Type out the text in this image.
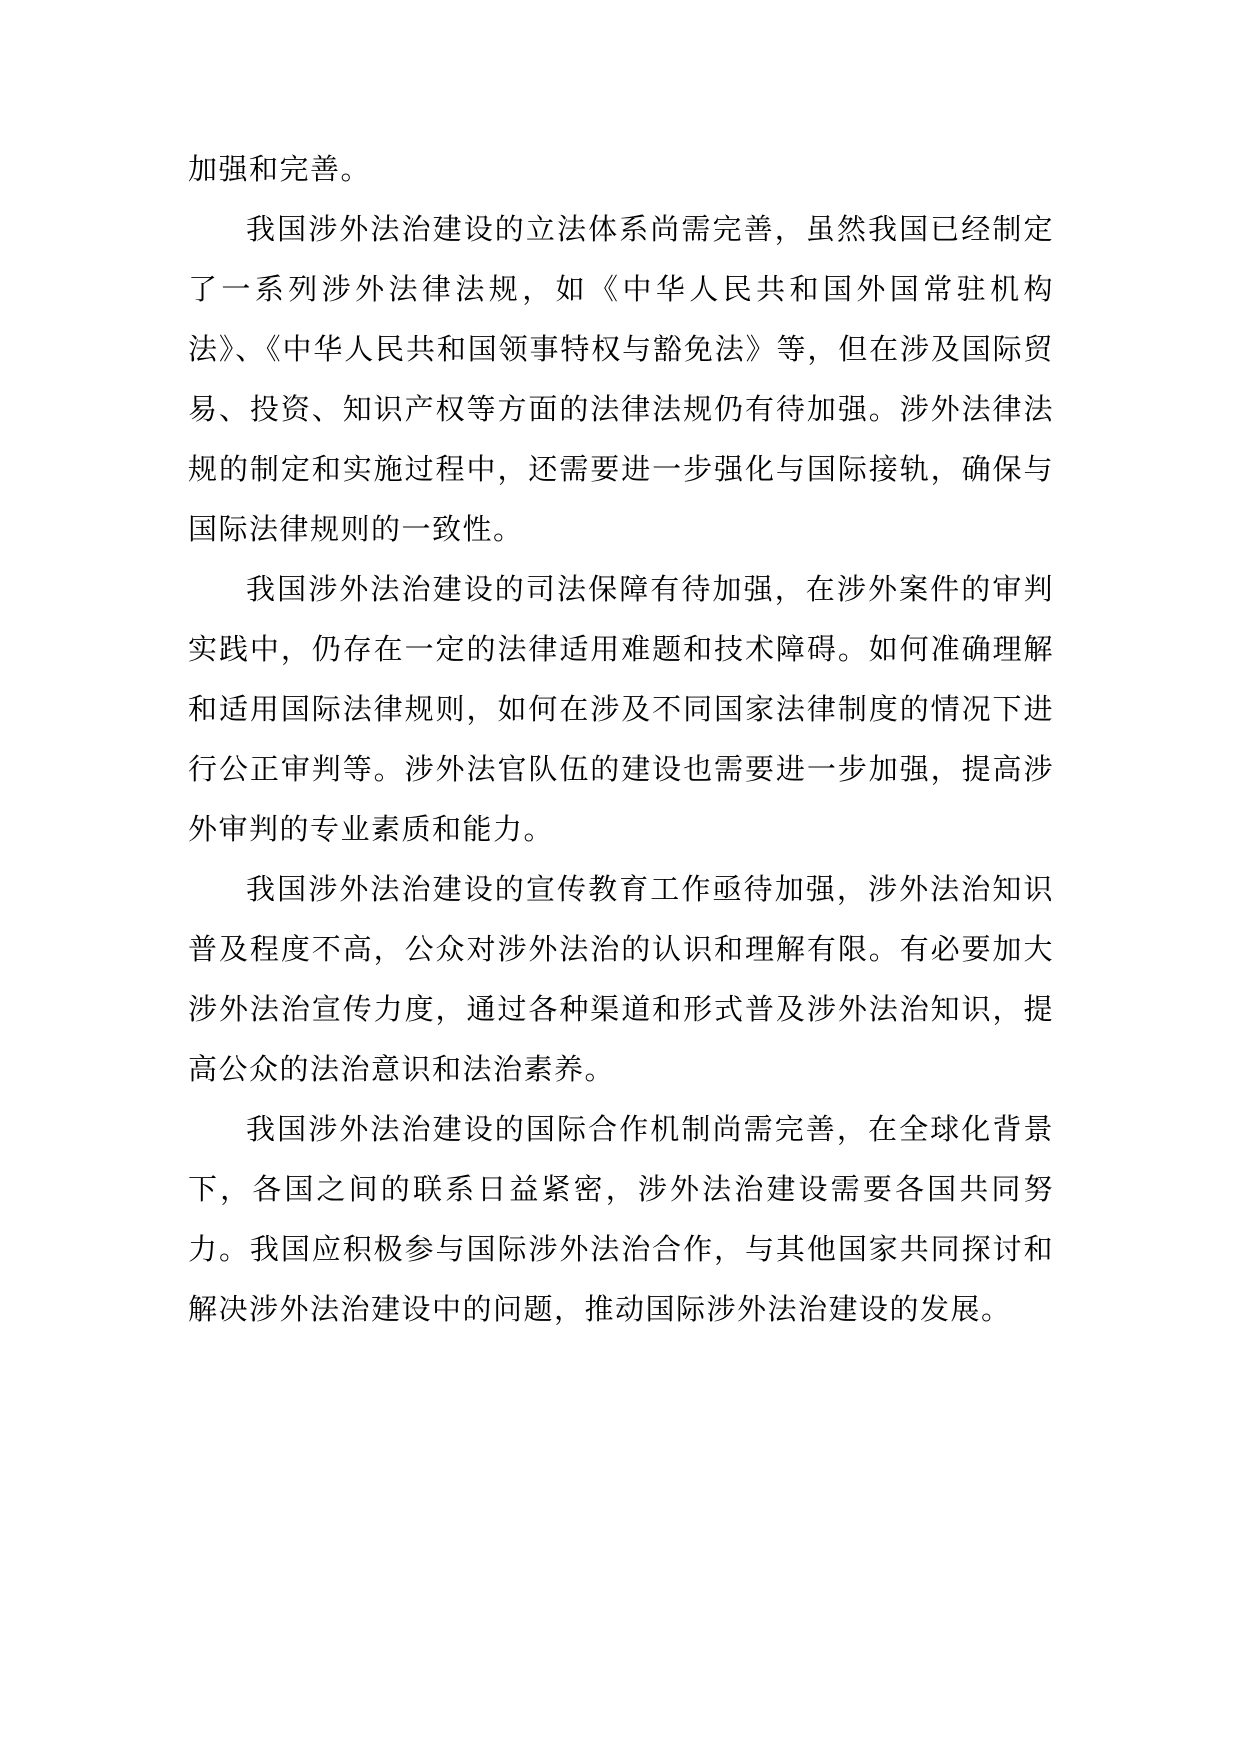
加强和完善。

我国涉外法治建设的立法体系尚需完善，虽然我国已经制定了一系列涉外法律法规，如《中华人民共和国外国常驻机构法》、《中华人民共和国领事特权与豁免法》等，但在涉及国际贸易、投资、知识产权等方面的法律法规仍有待加强。涉外法律法规的制定和实施过程中，还需要进一步强化与国际接轨，确保与国际法律规则的一致性。

我国涉外法治建设的司法保障有待加强，在涉外案件的审判实践中，仍存在一定的法律适用难题和技术障碍。如何准确理解和适用国际法律规则，如何在涉及不同国家法律制度的情况下进行公正审判等。涉外法官队伍的建设也需要进一步加强，提高涉外审判的专业素质和能力。

我国涉外法治建设的宣传教育工作亟待加强，涉外法治知识普及程度不高，公众对涉外法治的认识和理解有限。有必要加大涉外法治宣传力度，通过各种渠道和形式普及涉外法治知识，提高公众的法治意识和法治素养。

我国涉外法治建设的国际合作机制尚需完善，在全球化背景下，各国之间的联系日益紧密，涉外法治建设需要各国共同努力。我国应积极参与国际涉外法治合作，与其他国家共同探讨和解决涉外法治建设中的问题，推动国际涉外法治建设的发展。
